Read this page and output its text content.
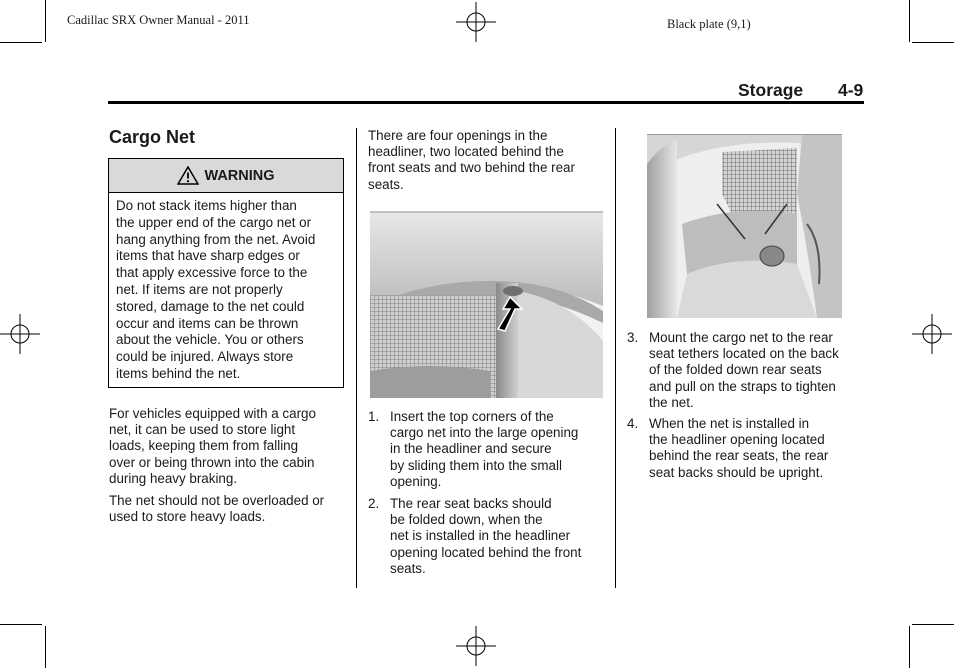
Cadillac SRX Owner Manual - 2011	Black plate (9,1)
Storage 4-9
Cargo Net
WARNING
Do not stack items higher than
the upper end of the cargo net or
hang anything from the net. Avoid
items that have sharp edges or
that apply excessive force to the
net. If items are not properly
stored, damage to the net could
occur and items can be thrown
about the vehicle. You or others
could be injured. Always store
items behind the net.
For vehicles equipped with a cargo
net, it can be used to store light
loads, keeping them from falling
over or being thrown into the cabin
during heavy braking.
The net should not be overloaded or
used to store heavy loads.
There are four openings in the
headliner, two located behind the
front seats and two behind the rear
seats.
1. Insert the top corners of the
cargo net into the large opening
in the headliner and secure
by sliding them into the small
opening.
2. The rear seat backs should
be folded down, when the
net is installed in the headliner
opening located behind the front
seats.
3. Mount the cargo net to the rear
seat tethers located on the back
of the folded down rear seats
and pull on the straps to tighten
the net.
4. When the net is installed in
the headliner opening located
behind the rear seats, the rear
seat backs should be upright.
